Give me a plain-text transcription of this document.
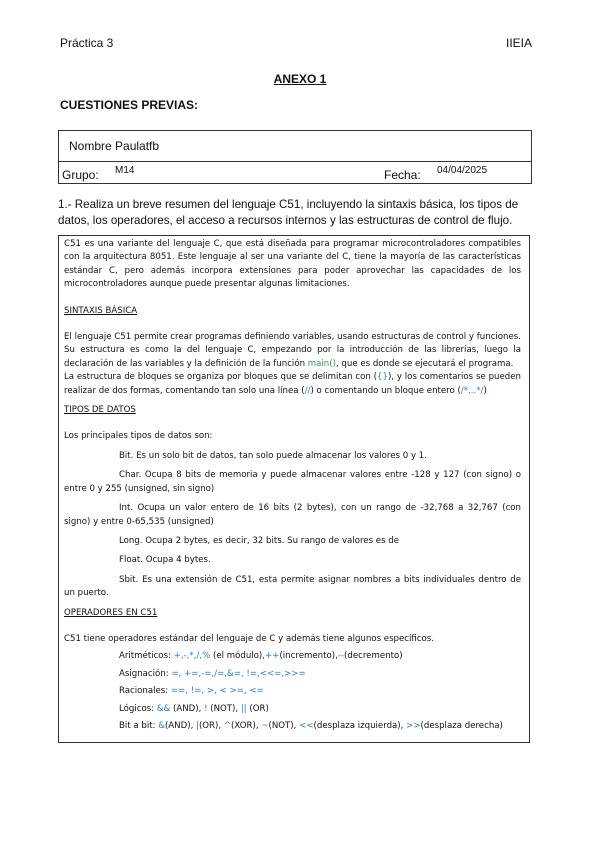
Práctica 3	IIEIA
ANEXO 1
CUESTIONES PREVIAS:
Nombre Paulatfb
Grupo: M14	Fecha: 04/04/2025
1.- Realiza un breve resumen del lenguaje C51, incluyendo la sintaxis básica, los tipos de datos, los operadores, el acceso a recursos internos y las estructuras de control de flujo.

C51 es una variante del lenguaje C, que está diseñada para programar microcontroladores compatibles con la arquitectura 8051. Este lenguaje al ser una variante del C, tiene la mayoría de las características estándar C, pero además incorpora extensiones para poder aprovechar las capacidades de los microcontroladores aunque puede presentar algunas limitaciones.

SINTAXIS BÁSICA

El lenguaje C51 permite crear programas definiendo variables, usando estructuras de control y funciones. Su estructura es como la del lenguaje C, empezando por la introducción de las librerías, luego la declaración de las variables y la definición de la función main(), que es donde se ejecutará el programa.

La estructura de bloques se organiza por bloques que se delimitan con ({}), y los comentarios se pueden realizar de dos formas, comentando tan solo una línea (//) o comentando un bloque entero (/*...*/)

TIPOS DE DATOS

Los principales tipos de datos son:

Bit. Es un solo bit de datos, tan solo puede almacenar los valores 0 y 1.

Char. Ocupa 8 bits de memoria y puede almacenar valores entre -128 y 127 (con signo) o entre 0 y 255 (unsigned, sin signo)

Int. Ocupa un valor entero de 16 bits (2 bytes), con un rango de -32,768 a 32,767 (con signo) y entre 0-65,535 (unsigned)

Long. Ocupa 2 bytes, es decir, 32 bits. Su rango de valores es de

Float. Ocupa 4 bytes.

Sbit. Es una extensión de C51, esta permite asignar nombres a bits individuales dentro de un puerto.

OPERADORES EN C51

C51 tiene operadores estándar del lenguaje de C y además tiene algunos específicos.

Aritméticos: +,-,*,/,% (el módulo),++(incremento),--(decremento)

Asignación: =, +=,-=,/=,&=, !=,<<=,>>=

Racionales: ==, !=, >, < >=, <=

Lógicos: && (AND), ! (NOT), || (OR)

Bit a bit: &(AND), |(OR), ^(XOR), ~(NOT), <<(desplaza izquierda), >>(desplaza derecha)
